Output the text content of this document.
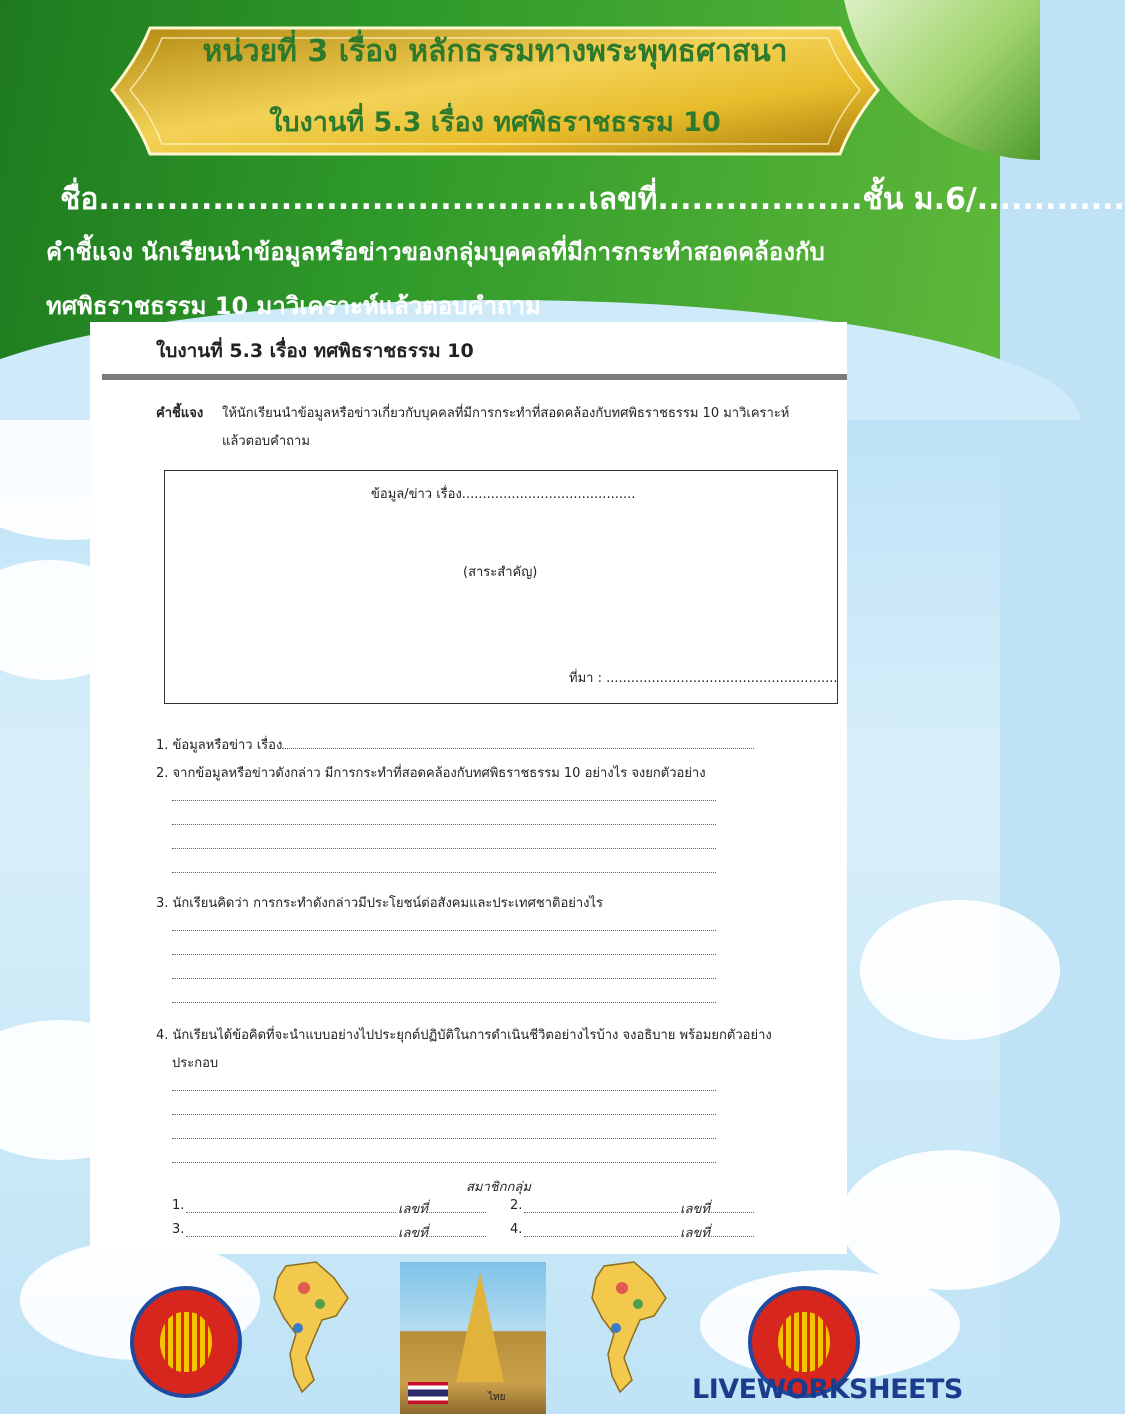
หน่วยที่ 3 เรื่อง หลักธรรมทางพระพุทธศาสนา
ใบงานที่ 5.3 เรื่อง ทศพิธราชธรรม 10
ชื่อ...........................................เลขที่..................ชั้น ม.6/.............
คำชี้แจง นักเรียนนำข้อมูลหรือข่าวของกลุ่มบุคคลที่มีการกระทำสอดคล้องกับ
ทศพิธราชธรรม 10 มาวิเคราะห์แล้วตอบคำถาม
ใบงานที่ 5.3 เรื่อง ทศพิธราชธรรม 10
คำชี้แจง ให้นักเรียนนำข้อมูลหรือข่าวเกี่ยวกับบุคคลที่มีการกระทำที่สอดคล้องกับทศพิธราชธรรม 10 มาวิเคราะห์
แล้วตอบคำถาม
ข้อมูล/ข่าว เรื่อง..........................................
(สาระสำคัญ)
ที่มา : ........................................................
1. ข้อมูลหรือข่าว เรื่อง
2. จากข้อมูลหรือข่าวดังกล่าว มีการกระทำที่สอดคล้องกับทศพิธราชธรรม 10 อย่างไร จงยกตัวอย่าง
3. นักเรียนคิดว่า การกระทำดังกล่าวมีประโยชน์ต่อสังคมและประเทศชาติอย่างไร
4. นักเรียนได้ข้อคิดที่จะนำแบบอย่างไปประยุกต์ปฏิบัติในการดำเนินชีวิตอย่างไรบ้าง จงอธิบาย พร้อมยกตัวอย่าง
ประกอบ
สมาชิกกลุ่ม
1.	เลขที่	2.	เลขที่
3.	เลขที่	4.	เลขที่
ไทย	LIVEWORKSHEETS
